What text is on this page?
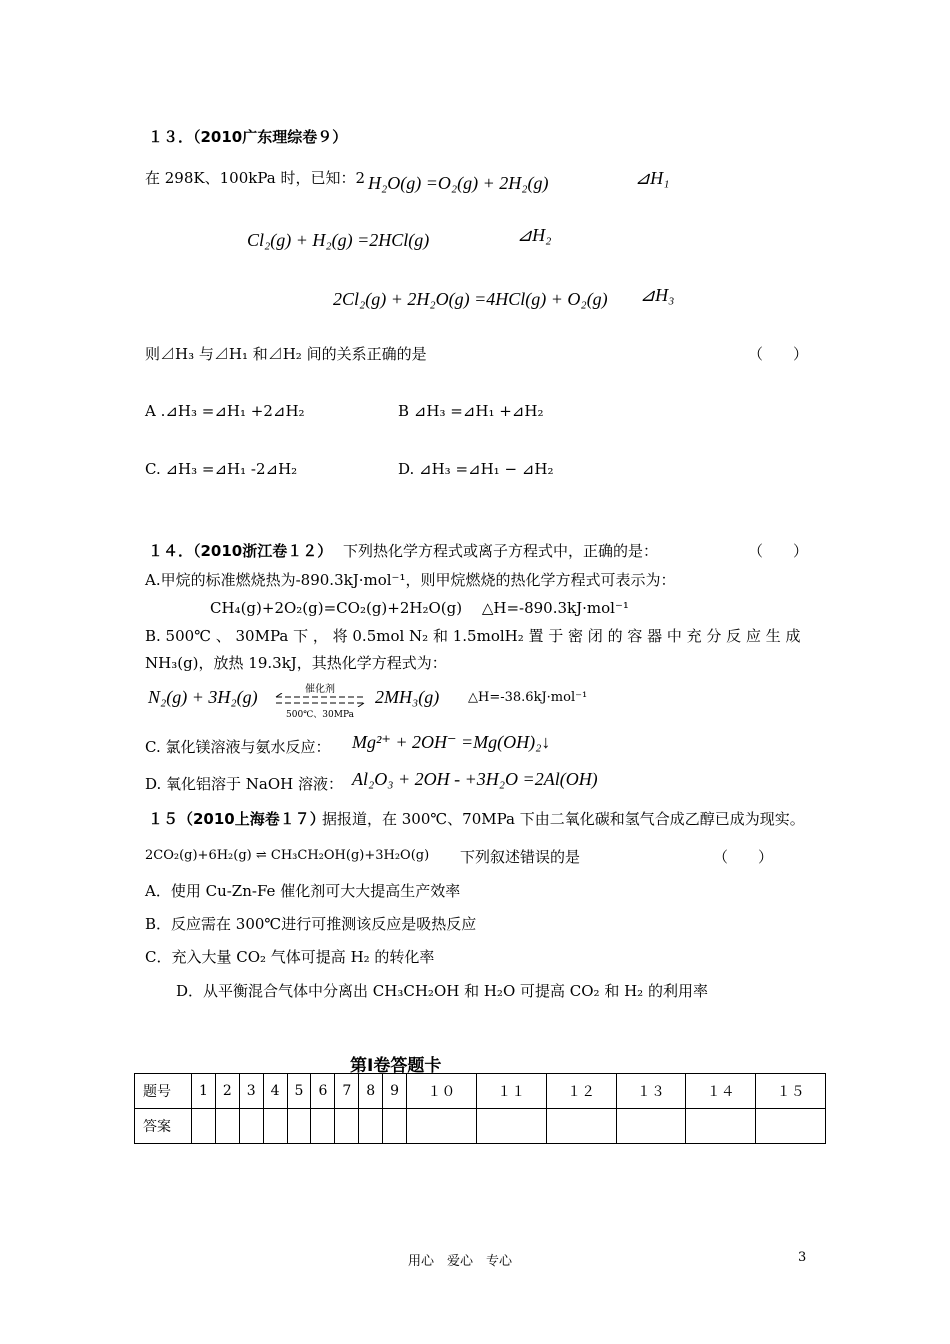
１３．（2010广东理综卷９）
在 298K、100kPa 时，已知：2 H₂O(g) =O₂(g) + 2H₂(g)	⊿H₁
Cl₂(g) + H₂(g) =2HCl(g)	⊿H₂
2Cl₂(g) + 2H₂O(g) =4HCl(g) + O₂(g) ⊿H₃
则⊿H₃ 与⊿H₁ 和⊿H₂ 间的关系正确的是	（　　）
A .⊿H₃ =⊿H₁ +2⊿H₂	B ⊿H₃ =⊿H₁ +⊿H₂
C. ⊿H₃ =⊿H₁ -2⊿H₂	D. ⊿H₃ =⊿H₁ − ⊿H₂
１４．（2010浙江卷１２） 下列热化学方程式或离子方程式中，正确的是：	（　　）
A.甲烷的标准燃烧热为-890.3kJ·mol⁻¹，则甲烷燃烧的热化学方程式可表示为：
CH₄(g)+2O₂(g)=CO₂(g)+2H₂O(g)　 △H=-890.3kJ·mol⁻¹
B. 500℃ 、 30MPa 下 ， 将 0.5mol N₂ 和 1.5molH₂ 置 于 密 闭 的 容 器 中 充 分 反 应 生 成
NH₃(g)，放热 19.3kJ，其热化学方程式为：
N₂(g) + 3H₂(g)	催化剂
500℃、30MPa
2MH₃(g) △H=-38.6kJ·mol⁻¹
C. 氯化镁溶液与氨水反应： Mg²⁺ + 2OH⁻ =Mg(OH)₂↓
D. 氧化铝溶于 NaOH 溶液： Al₂O₃ + 2OH - +3H₂O =2Al(OH)
１５（2010上海卷１７）
据报道，在 300℃、70MPa 下由二氧化碳和氢气合成乙醇已成为现实。
2CO₂(g)+6H₂(g) ⇌ CH₃CH₂OH(g)+3H₂O(g) 下列叙述错误的是	（　　）
A．使用 Cu-Zn-Fe 催化剂可大大提高生产效率
B．反应需在 300℃进行可推测该反应是吸热反应
C．充入大量 CO₂ 气体可提高 H₂ 的转化率
D．从平衡混合气体中分离出 CH₃CH₂OH 和 H₂O 可提高 CO₂ 和 H₂ 的利用率
第Ⅰ卷答题卡
题号	1	2	3	4	5	6	7	8	9	１０	１１	１２	１３	１４	１５
答案															
用心　爱心　专心	3
